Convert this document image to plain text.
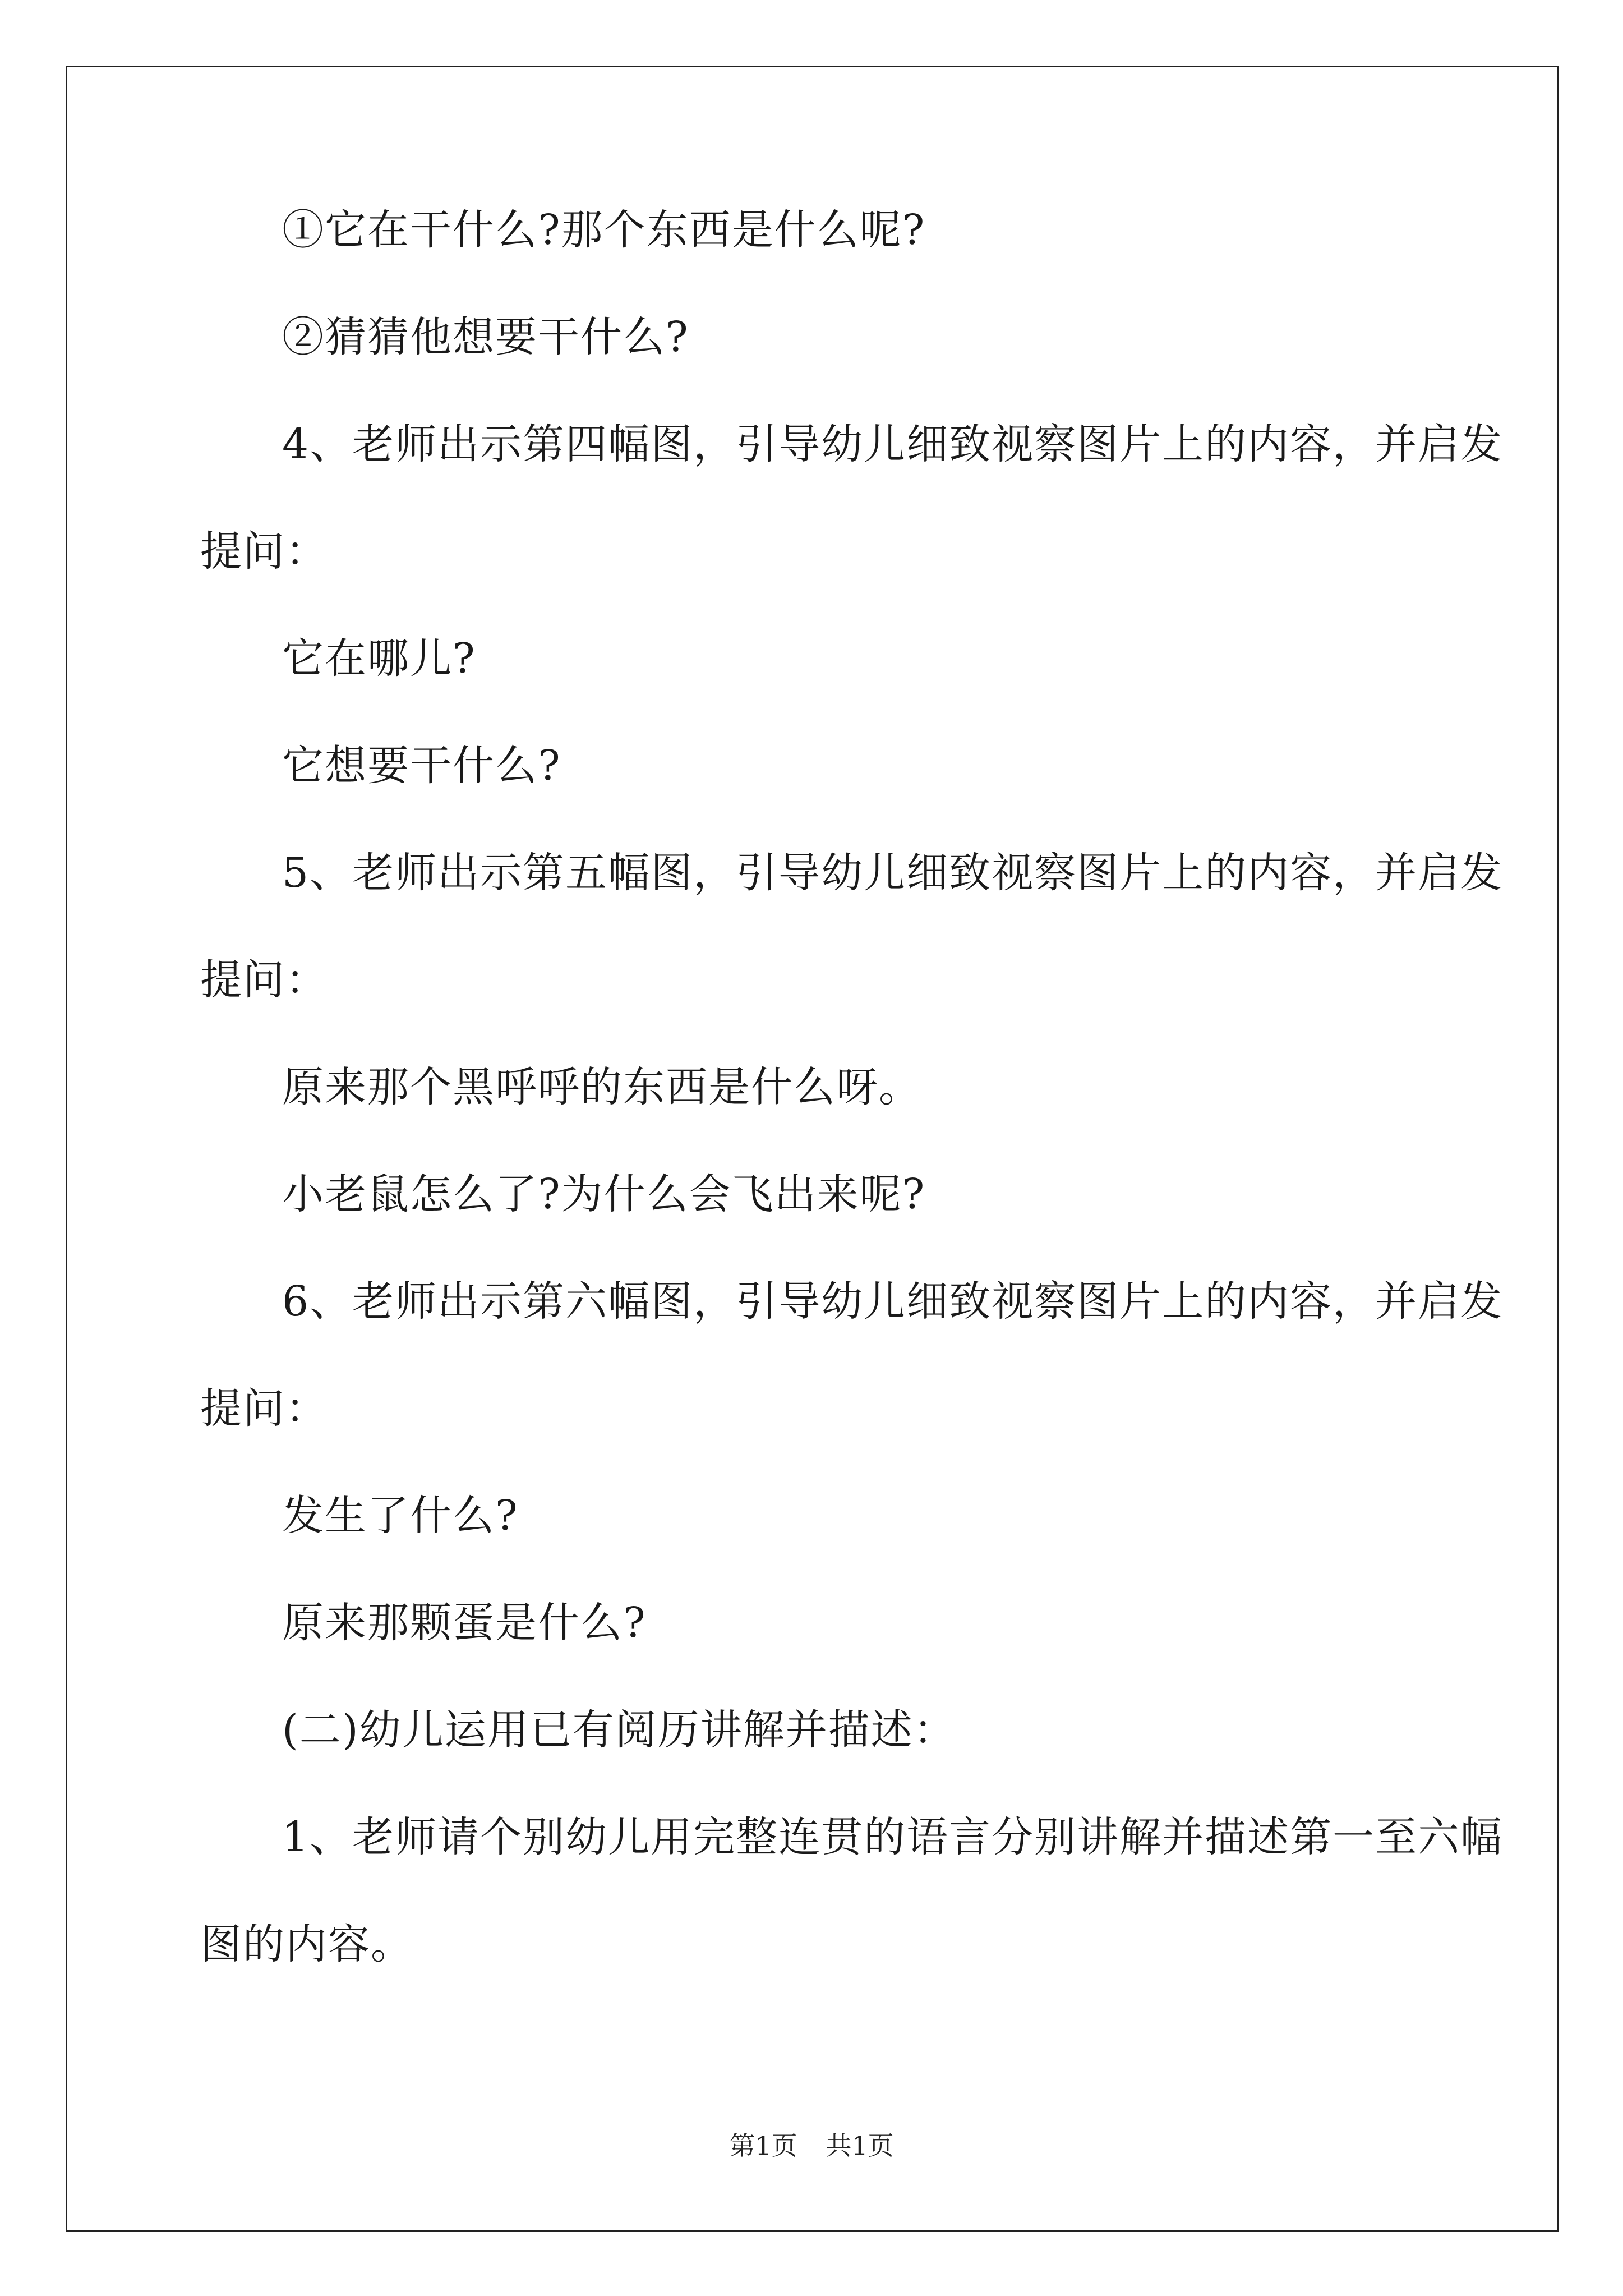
①它在干什么?那个东西是什么呢?
②猜猜他想要干什么?
4、老师出示第四幅图，引导幼儿细致视察图片上的内容，并启发
提问：
它在哪儿?
它想要干什么?
5、老师出示第五幅图，引导幼儿细致视察图片上的内容，并启发
提问：
原来那个黑呼呼的东西是什么呀。
小老鼠怎么了?为什么会飞出来呢?
6、老师出示第六幅图，引导幼儿细致视察图片上的内容，并启发
提问：
发生了什么?
原来那颗蛋是什么?
(二)幼儿运用已有阅历讲解并描述：
1、老师请个别幼儿用完整连贯的语言分别讲解并描述第一至六幅
图的内容。
第1页 共1页
